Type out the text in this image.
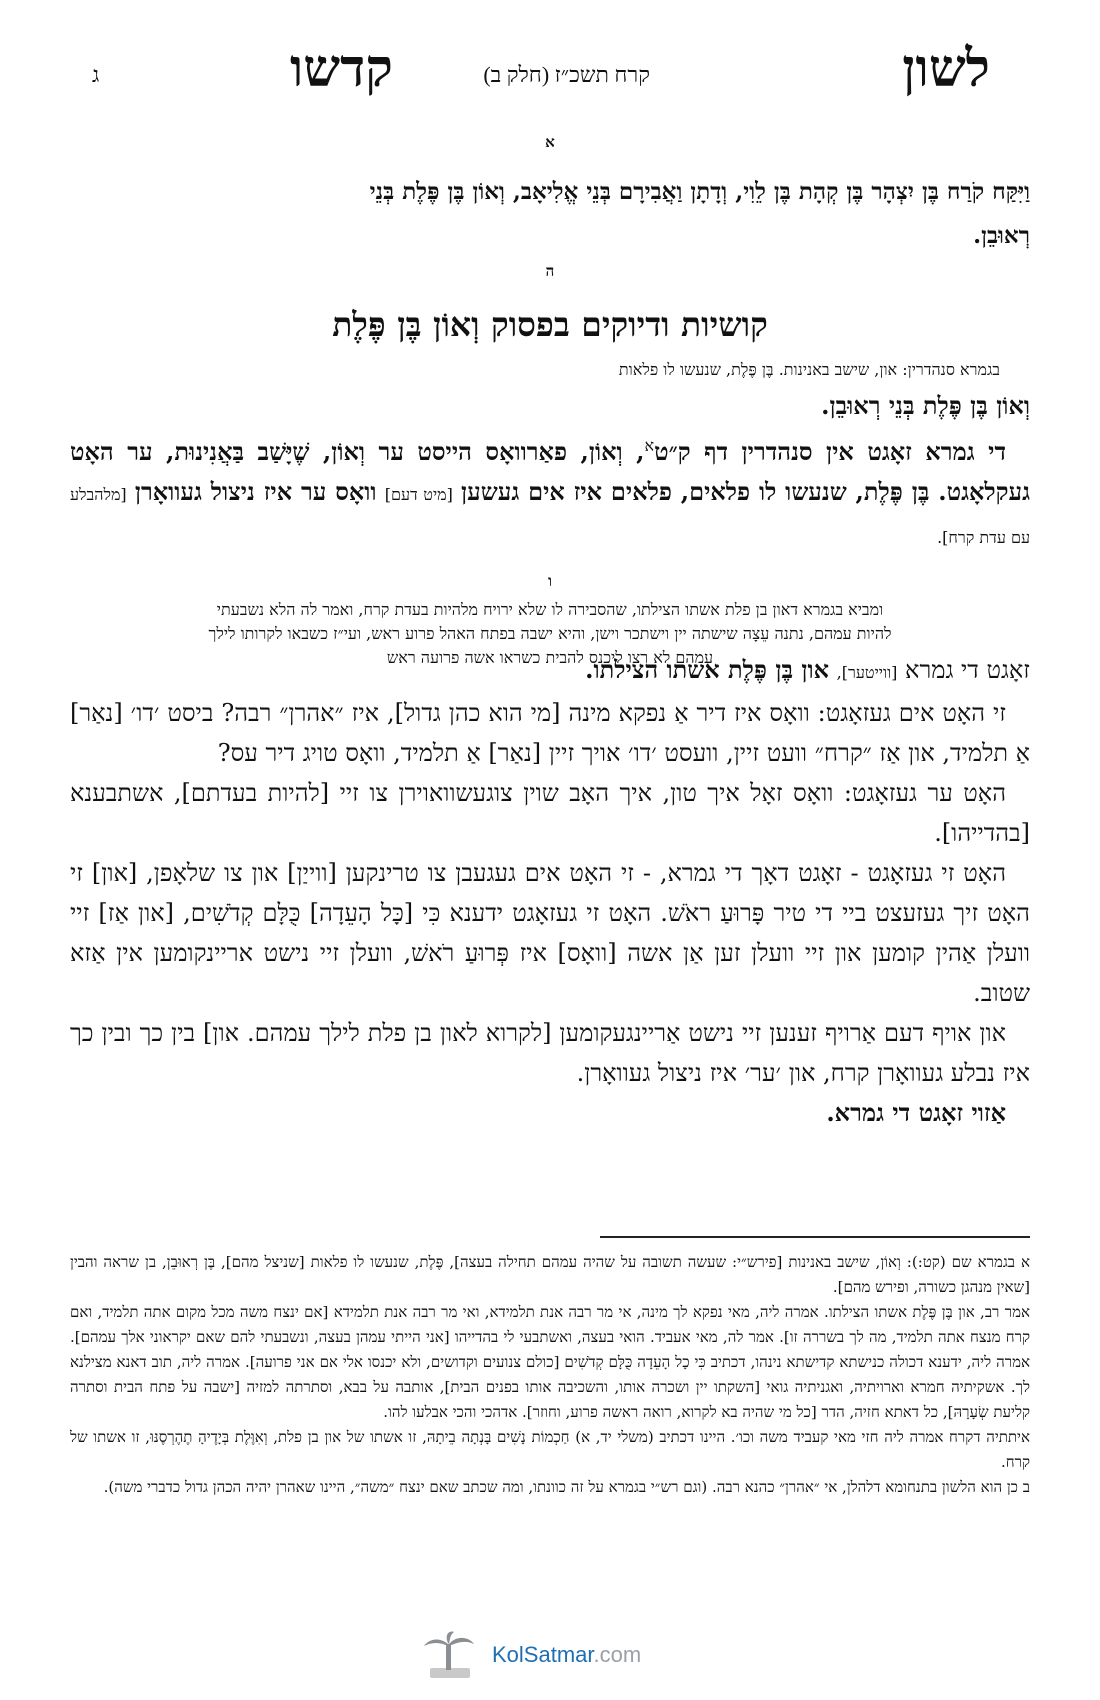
לשון
קרח תשכ״ז (חלק ב)
קדשו
ג
א
וַיִּקַּח קֹרַח בֶּן יִצְהָר בֶּן קְהָת בֶּן לֵוִי, וְדָתָן וַאֲבִירָם בְּנֵי אֱלִיאָב, וְאוֹן בֶּן פֶּלֶת בְּנֵי
רְאוּבֵן.
ה
קושיות ודיוקים בפסוק וְאוֹן בֶּן פֶּלֶת
בגמרא סנהדרין: און, שישב באנינות. בֶּן פֶּלֶת, שנעשו לו פלאות

וְאוֹן בֶּן פֶּלֶת בְּנֵי רְאוּבֵן.

די גמרא זאָגט אין סנהדרין דף ק״ט$^א$, וְאוֹן, פאַרוואָס הייסט ער וְאוֹן, שֶׁיָּשַׁב בַּאֲנִינוּת, ער האָט געקלאָגט. בֶּן פֶּלֶת, שנעשו לו פלאים, פלאים איז אים געשען [מיט דעם] וואָס ער איז ניצול געוואָרן [מלהבלע עם עדת קרח].

ו
ומביא בגמרא דאון בן פלת אשתו הצילתו, שהסבירה לו שלא ירויח מלהיות בעדת קרח, ואמר לה הלא נשבעתי
להיות עמהם, נתנה עֵצָה שישתה יין וישתכר וישן, והיא ישבה בפתח האהל פרוע ראש, ועי״ז כשבאו לקרותו לילך
עמהם לא רצו ליכנס להבית כשראו אשה פרועה ראש	זאָגט די גמרא [ווייטער], און בֶּן פֶּלֶת אשתו הצילתו.

זי האָט אים געזאָגט: וואָס איז דיר אַ נפקא מינה [מי הוא כהן גדול], איז ״אהרן״ רבה? ביסט ׳דו׳ [נאַר] אַ תלמיד, און אַז ״קרח״ וועט זיין, וועסט ׳דו׳ אויך זיין [נאַר] אַ תלמיד, וואָס טויג דיר עס?

האָט ער געזאָגט: וואָס זאָל איך טון, איך האָב שוין צוגעשוואוירן צו זיי [להיות בעדתם], אשתבענא [בהדייהו].

האָט זי געזאָגט - זאָגט דאָך די גמרא, - זי האָט אים געגעבן צו טרינקען [ווייַן] און צו שלאָפן, [און] זי האָט זיך געזעצט ביי די טיר פָּרוּעַ ראֹשׁ. האָט זי געזאָגט ידענא כִּי [כָּל הָעֵדָה] כֻּלָּם קְדֹשִׁים, [און אַז] זיי וועלן אַהין קומען און זיי וועלן זען אַן אשה [וואָס] איז פְּרוּעַ רֹאשׁ, וועלן זיי נישט אריינקומען אין אַזא שטוב.

און אויף דעם אַרויף זענען זיי נישט אַריינגעקומען [לקרוא לאון בן פלת לילך עמהם. און] בין כך ובין כך איז נבלע געוואָרן קרח, און ׳ער׳ איז ניצול געוואָרן.

אַזוי זאָגט די גמרא.

א בגמרא שם (קט:): וְאוֹן, שישב באנינות [פירש״י: שעשה תשובה על שהיה עמהם תחילה בעצה], פֶּלֶת, שנעשו לו פלאות [שניצל מהם], בֶּן רְאוּבֵן, בן שראה והבין [שאין מנהגן כשורה, ופירש מהם].

אמר רב, און בֶּן פֶּלֶת אשתו הצילתו. אמרה ליה, מאי נפקא לך מינה, אי מר רבה אנת תלמידא, ואי מר רבה אנת תלמידא [אם ינצח משה מכל מקום אתה תלמיד, ואם קרח מנצח אתה תלמיד, מה לך בשררה זו]. אמר לה, מאי אעביד. הואי בעצה, ואשתבעי לי בהדייהו [אני הייתי עמהן בעצה, ונשבעתי להם שאם יקראוני אלך עמהם]. אמרה ליה, ידענא דכולה כנישתא קדישתא נינהו, דכתיב כִּי כָל הָעֵדָה כֻּלָּם קְדֹשִׁים [כולם צנועים וקדושים, ולא יכנסו אלי אם אני פרועה]. אמרה ליה, תוב דאנא מצילנא לך. אשקיתיה חמרא וארויתיה, ואגניתיה גואי [השקתו יין ושכרה אותו, והשכיבה אותו בפנים הבית], אותבה על בבא, וסתרתה למזיה [ישבה על פתח הבית וסתרה קליעת שְׂעָרָהּ], כל דאתא חזיה, הדר [כל מי שהיה בא לקרוא, רואה ראשה פרוע, וחוזר]. אדהכי והכי אבלעו להו.

איתתיה דקרח אמרה ליה חזי מאי קעביד משה וכו׳. היינו דכתיב (משלי יד, א) חַכְמוֹת נָשִׁים בָּנְתָה בֵיתָהּ, זו אשתו של און בן פלת, וְאִוֶּלֶת בְּיָדֶיהָ תֶהֶרְסֶנּוּ, זו אשתו של קרח.

ב כן הוא הלשון בתנחומא דלהלן, אי ״אהרן״ כהנא רבה. (וגם רש״י בגמרא על זה כוונתו, ומה שכתב שאם ינצח ״משה״, היינו שאהרן יהיה הכהן גדול כדברי משה).

KolSatmar.com
